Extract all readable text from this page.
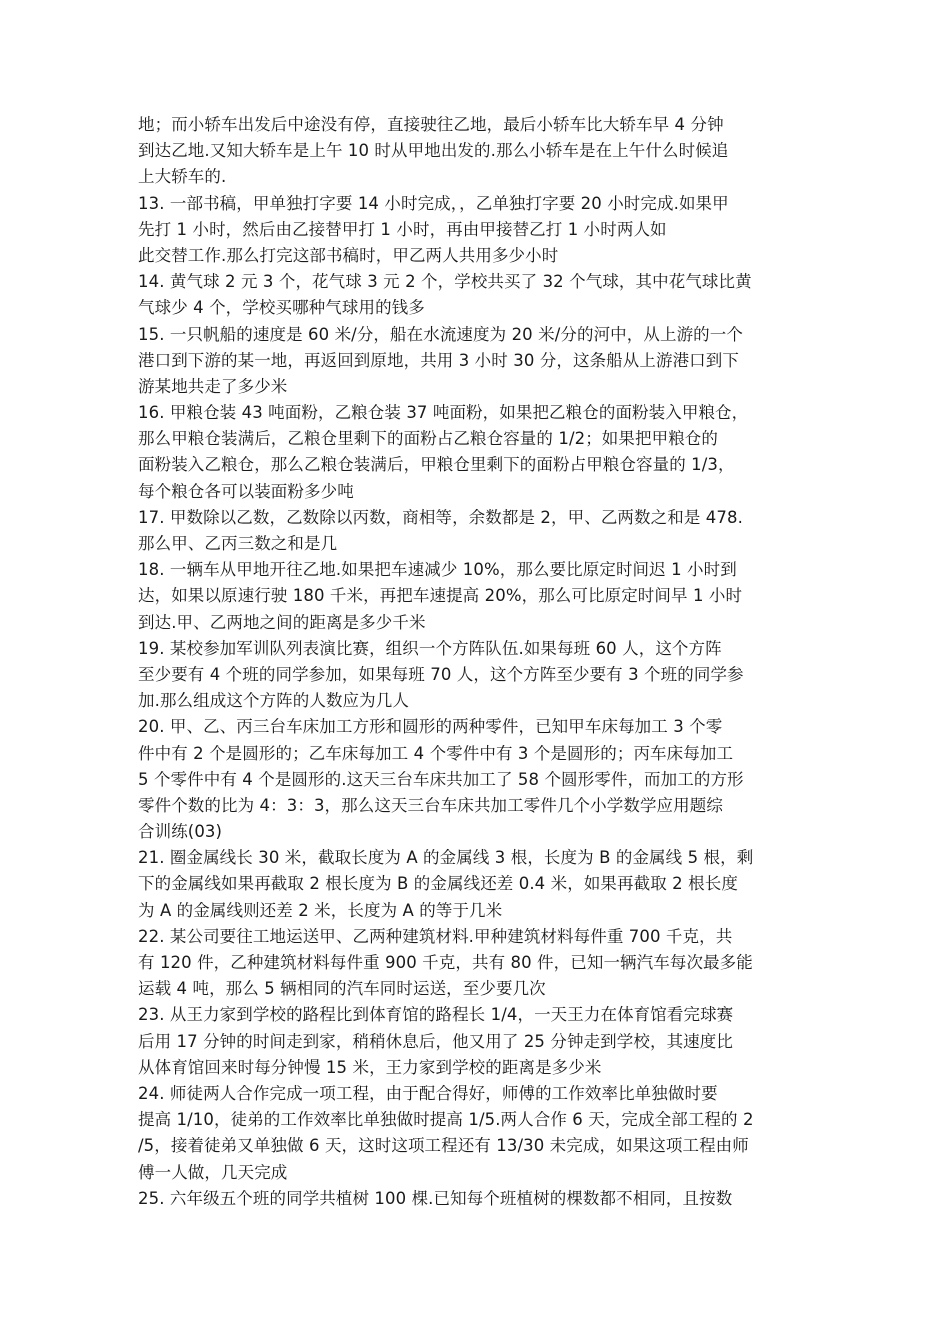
地；而小轿车出发后中途没有停，直接驶往乙地，最后小轿车比大轿车早 4 分钟
到达乙地.又知大轿车是上午 10 时从甲地出发的.那么小轿车是在上午什么时候追
上大轿车的.
13. 一部书稿，甲单独打字要 14 小时完成，，乙单独打字要 20 小时完成.如果甲
先打 1 小时，然后由乙接替甲打 1 小时，再由甲接替乙打 1 小时两人如
此交替工作.那么打完这部书稿时，甲乙两人共用多少小时
14. 黄气球 2 元 3 个，花气球 3 元 2 个，学校共买了 32 个气球，其中花气球比黄
气球少 4 个，学校买哪种气球用的钱多
15. 一只帆船的速度是 60 米/分，船在水流速度为 20 米/分的河中，从上游的一个
港口到下游的某一地，再返回到原地，共用 3 小时 30 分，这条船从上游港口到下
游某地共走了多少米
16. 甲粮仓装 43 吨面粉，乙粮仓装 37 吨面粉，如果把乙粮仓的面粉装入甲粮仓，
那么甲粮仓装满后，乙粮仓里剩下的面粉占乙粮仓容量的 1/2；如果把甲粮仓的
面粉装入乙粮仓，那么乙粮仓装满后，甲粮仓里剩下的面粉占甲粮仓容量的 1/3，
每个粮仓各可以装面粉多少吨
17. 甲数除以乙数，乙数除以丙数，商相等，余数都是 2，甲、乙两数之和是 478.
那么甲、乙丙三数之和是几
18. 一辆车从甲地开往乙地.如果把车速减少 10%，那么要比原定时间迟 1 小时到
达，如果以原速行驶 180 千米，再把车速提高 20%，那么可比原定时间早 1 小时
到达.甲、乙两地之间的距离是多少千米
19. 某校参加军训队列表演比赛，组织一个方阵队伍.如果每班 60 人，这个方阵
至少要有 4 个班的同学参加，如果每班 70 人，这个方阵至少要有 3 个班的同学参
加.那么组成这个方阵的人数应为几人
20. 甲、乙、丙三台车床加工方形和圆形的两种零件，已知甲车床每加工 3 个零
件中有 2 个是圆形的；乙车床每加工 4 个零件中有 3 个是圆形的；丙车床每加工
5 个零件中有 4 个是圆形的.这天三台车床共加工了 58 个圆形零件，而加工的方形
零件个数的比为 4：3：3，那么这天三台车床共加工零件几个小学数学应用题综
合训练(03)
21. 圈金属线长 30 米，截取长度为 A 的金属线 3 根，长度为 B 的金属线 5 根，剩
下的金属线如果再截取 2 根长度为 B 的金属线还差 0.4 米，如果再截取 2 根长度
为 A 的金属线则还差 2 米，长度为 A 的等于几米
22. 某公司要往工地运送甲、乙两种建筑材料.甲种建筑材料每件重 700 千克，共
有 120 件，乙种建筑材料每件重 900 千克，共有 80 件，已知一辆汽车每次最多能
运载 4 吨，那么 5 辆相同的汽车同时运送，至少要几次
23. 从王力家到学校的路程比到体育馆的路程长 1/4，一天王力在体育馆看完球赛
后用 17 分钟的时间走到家，稍稍休息后，他又用了 25 分钟走到学校，其速度比
从体育馆回来时每分钟慢 15 米，王力家到学校的距离是多少米
24. 师徒两人合作完成一项工程，由于配合得好，师傅的工作效率比单独做时要
提高 1/10，徒弟的工作效率比单独做时提高 1/5.两人合作 6 天，完成全部工程的 2
/5，接着徒弟又单独做 6 天，这时这项工程还有 13/30 未完成，如果这项工程由师
傅一人做，几天完成
25. 六年级五个班的同学共植树 100 棵.已知每个班植树的棵数都不相同，且按数
